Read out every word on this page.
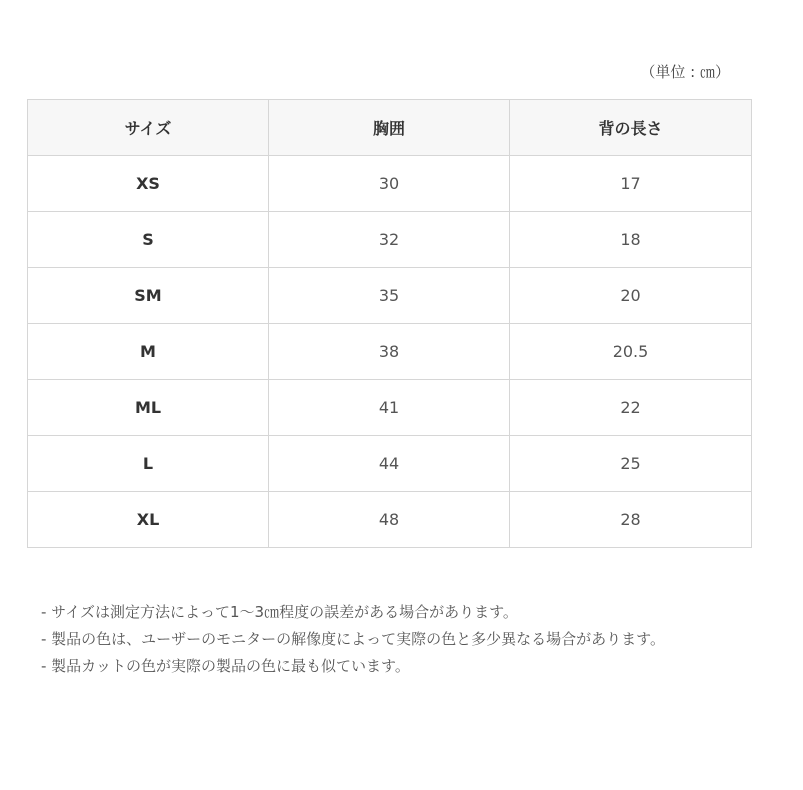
（単位 : ㎝）
サイズ	胸囲	背の長さ
XS	30	17
S	32	18
SM	35	20
M	38	20.5
ML	41	22
L	44	25
XL	48	28
- サイズは測定方法によって1～3㎝程度の誤差がある場合があります。
- 製品の色は、ユーザーのモニターの解像度によって実際の色と多少異なる場合があります。
- 製品カットの色が実際の製品の色に最も似ています。
